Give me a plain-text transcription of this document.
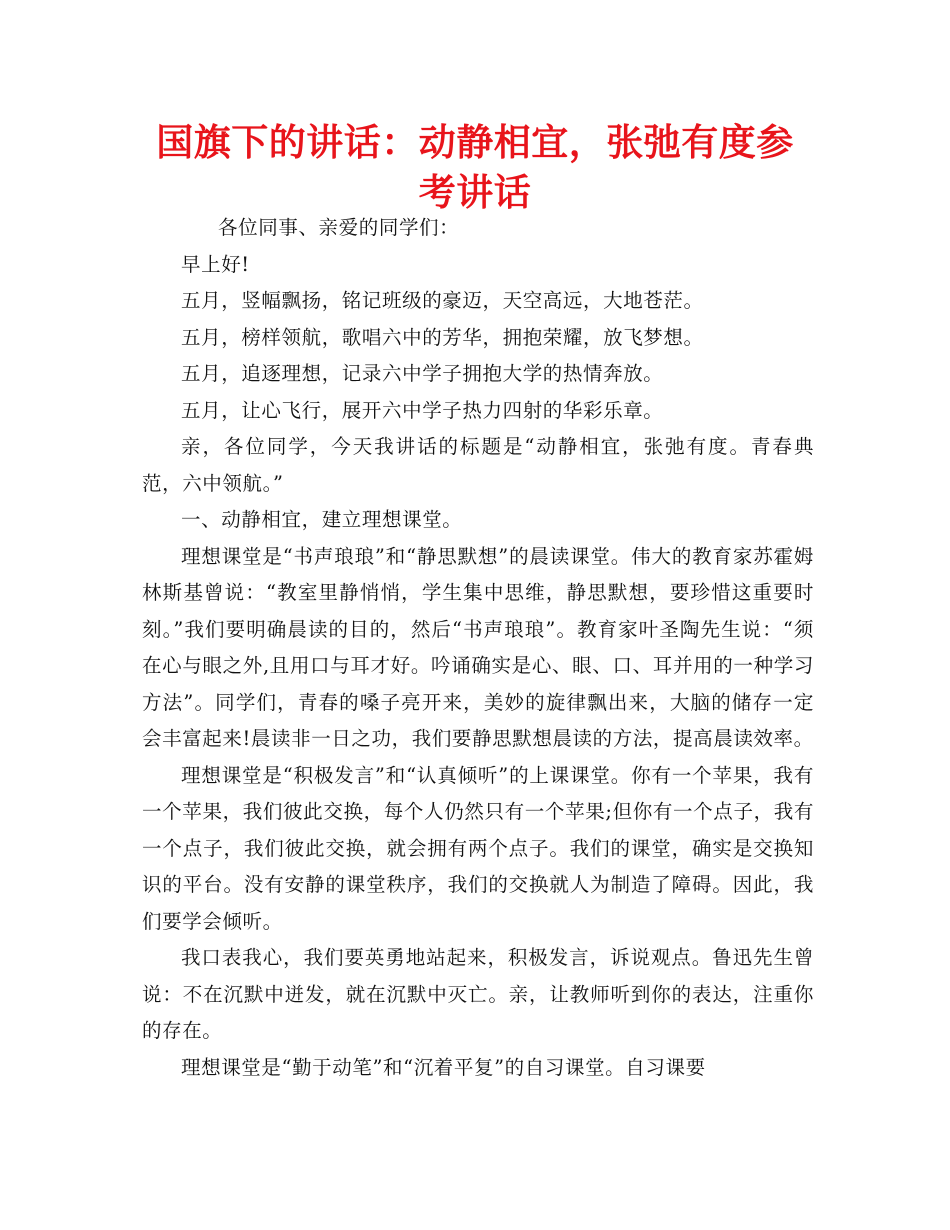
国旗下的讲话：动静相宜，张弛有度参考讲话

各位同事、亲爱的同学们：

早上好!

五月，竖幅飘扬，铭记班级的豪迈，天空高远，大地苍茫。

五月，榜样领航，歌唱六中的芳华，拥抱荣耀，放飞梦想。

五月，追逐理想，记录六中学子拥抱大学的热情奔放。

五月，让心飞行，展开六中学子热力四射的华彩乐章。

亲，各位同学，今天我讲话的标题是“动静相宜，张弛有度。青春典范，六中领航。”

一、动静相宜，建立理想课堂。

理想课堂是“书声琅琅”和“静思默想”的晨读课堂。伟大的教育家苏霍姆林斯基曾说：“教室里静悄悄，学生集中思维，静思默想，要珍惜这重要时刻。”我们要明确晨读的目的，然后“书声琅琅”。教育家叶圣陶先生说：“须在心与眼之外,且用口与耳才好。吟诵确实是心、眼、口、耳并用的一种学习方法”。同学们，青春的嗓子亮开来，美妙的旋律飘出来，大脑的储存一定会丰富起来!晨读非一日之功，我们要静思默想晨读的方法，提高晨读效率。

理想课堂是“积极发言”和“认真倾听”的上课课堂。你有一个苹果，我有一个苹果，我们彼此交换，每个人仍然只有一个苹果;但你有一个点子，我有一个点子，我们彼此交换，就会拥有两个点子。我们的课堂，确实是交换知识的平台。没有安静的课堂秩序，我们的交换就人为制造了障碍。因此，我们要学会倾听。

我口表我心，我们要英勇地站起来，积极发言，诉说观点。鲁迅先生曾说：不在沉默中迸发，就在沉默中灭亡。亲，让教师听到你的表达，注重你的存在。

理想课堂是“勤于动笔”和“沉着平复”的自习课堂。自习课要
